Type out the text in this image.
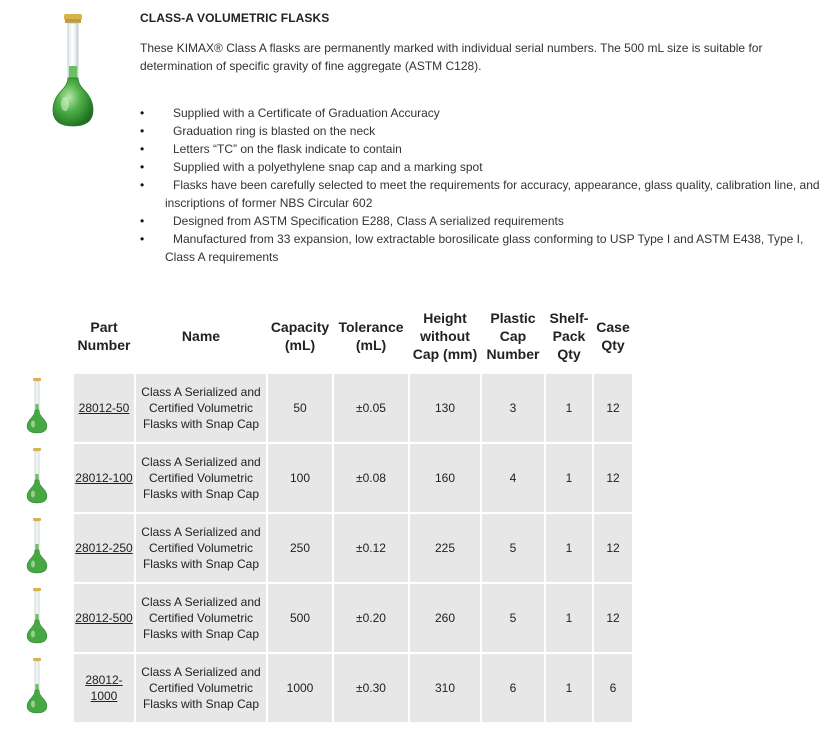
CLASS-A VOLUMETRIC FLASKS
These KIMAX® Class A flasks are permanently marked with individual serial numbers. The 500 mL size is suitable for determination of specific gravity of fine aggregate (ASTM C128).
• Supplied with a Certificate of Graduation Accuracy
• Graduation ring is blasted on the neck
• Letters “TC” on the flask indicate to contain
• Supplied with a polyethylene snap cap and a marking spot
• Flasks have been carefully selected to meet the requirements for accuracy, appearance, glass quality, calibration line, and inscriptions of former NBS Circular 602
• Designed from ASTM Specification E288, Class A serialized requirements
• Manufactured from 33 expansion, low extractable borosilicate glass conforming to USP Type I and ASTM E438, Type I, Class A requirements
	Part Number	Name	Capacity (mL)	Tolerance (mL)	Height without Cap (mm)	Plastic Cap Number	Shelf-Pack Qty	Case Qty
	28012-50	Class A Serialized and Certified Volumetric Flasks with Snap Cap	50	±0.05	130	3	1	12
	28012-100	Class A Serialized and Certified Volumetric Flasks with Snap Cap	100	±0.08	160	4	1	12
	28012-250	Class A Serialized and Certified Volumetric Flasks with Snap Cap	250	±0.12	225	5	1	12
	28012-500	Class A Serialized and Certified Volumetric Flasks with Snap Cap	500	±0.20	260	5	1	12
	28012-1000	Class A Serialized and Certified Volumetric Flasks with Snap Cap	1000	±0.30	310	6	1	6
